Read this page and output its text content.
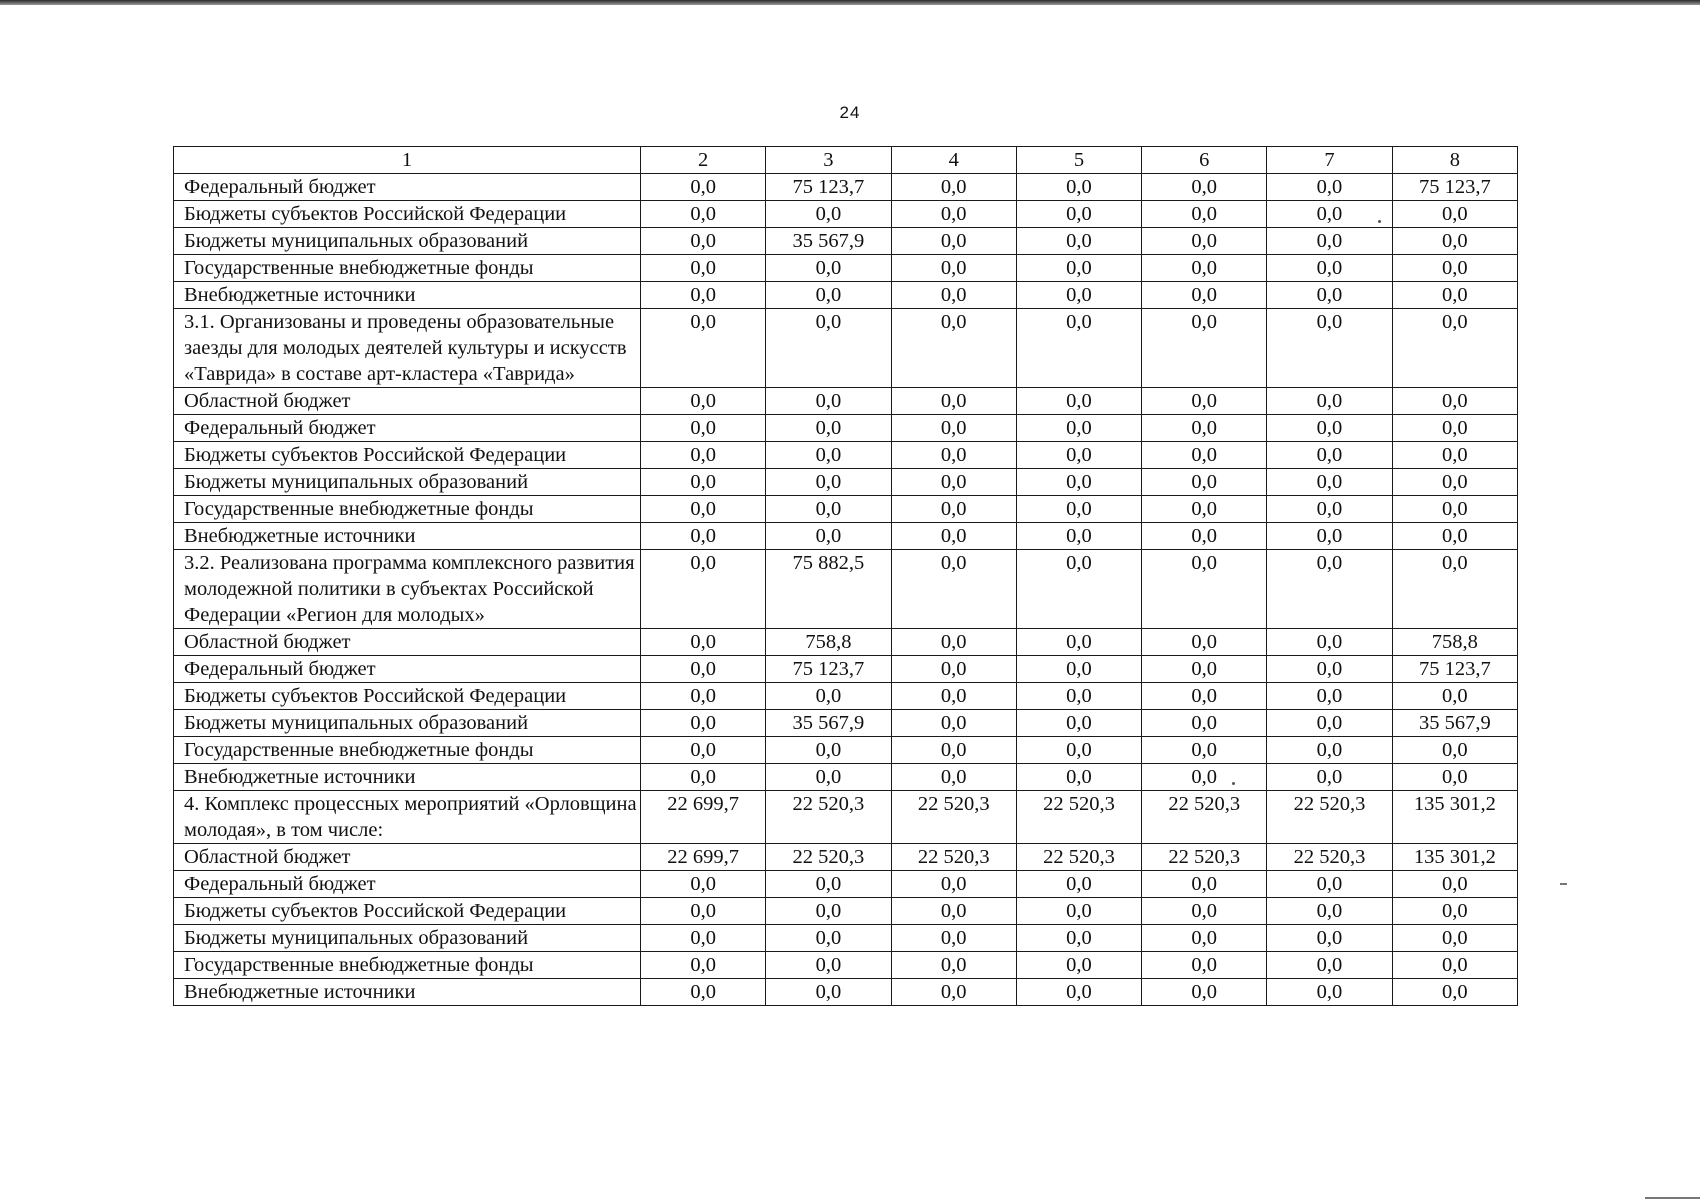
24
1	2	3	4	5	6	7	8
Федеральный бюджет	0,0	75 123,7	0,0	0,0	0,0	0,0	75 123,7
Бюджеты субъектов Российской Федерации	0,0	0,0	0,0	0,0	0,0	0,0	0,0
Бюджеты муниципальных образований	0,0	35 567,9	0,0	0,0	0,0	0,0	0,0
Государственные внебюджетные фонды	0,0	0,0	0,0	0,0	0,0	0,0	0,0
Внебюджетные источники	0,0	0,0	0,0	0,0	0,0	0,0	0,0
3.1. Организованы и проведены образовательные заезды для молодых деятелей культуры и искусств «Таврида» в составе арт-кластера «Таврида»	0,0	0,0	0,0	0,0	0,0	0,0	0,0
Областной бюджет	0,0	0,0	0,0	0,0	0,0	0,0	0,0
Федеральный бюджет	0,0	0,0	0,0	0,0	0,0	0,0	0,0
Бюджеты субъектов Российской Федерации	0,0	0,0	0,0	0,0	0,0	0,0	0,0
Бюджеты муниципальных образований	0,0	0,0	0,0	0,0	0,0	0,0	0,0
Государственные внебюджетные фонды	0,0	0,0	0,0	0,0	0,0	0,0	0,0
Внебюджетные источники	0,0	0,0	0,0	0,0	0,0	0,0	0,0
3.2. Реализована программа комплексного развития молодежной политики в субъектах Российской Федерации «Регион для молодых»	0,0	75 882,5	0,0	0,0	0,0	0,0	0,0
Областной бюджет	0,0	758,8	0,0	0,0	0,0	0,0	758,8
Федеральный бюджет	0,0	75 123,7	0,0	0,0	0,0	0,0	75 123,7
Бюджеты субъектов Российской Федерации	0,0	0,0	0,0	0,0	0,0	0,0	0,0
Бюджеты муниципальных образований	0,0	35 567,9	0,0	0,0	0,0	0,0	35 567,9
Государственные внебюджетные фонды	0,0	0,0	0,0	0,0	0,0	0,0	0,0
Внебюджетные источники	0,0	0,0	0,0	0,0	0,0	0,0	0,0
4. Комплекс процессных мероприятий «Орловщина молодая», в том числе:	22 699,7	22 520,3	22 520,3	22 520,3	22 520,3	22 520,3	135 301,2
Областной бюджет	22 699,7	22 520,3	22 520,3	22 520,3	22 520,3	22 520,3	135 301,2
Федеральный бюджет	0,0	0,0	0,0	0,0	0,0	0,0	0,0
Бюджеты субъектов Российской Федерации	0,0	0,0	0,0	0,0	0,0	0,0	0,0
Бюджеты муниципальных образований	0,0	0,0	0,0	0,0	0,0	0,0	0,0
Государственные внебюджетные фонды	0,0	0,0	0,0	0,0	0,0	0,0	0,0
Внебюджетные источники	0,0	0,0	0,0	0,0	0,0	0,0	0,0
